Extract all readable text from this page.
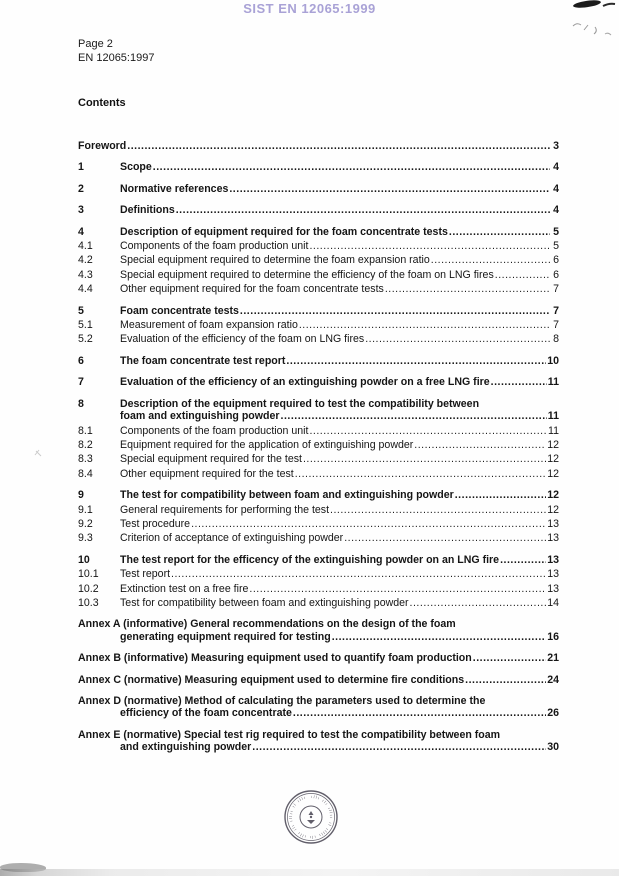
SIST EN 12065:1999
Page 2
EN 12065:1997
Contents
Foreword .....	3
1	Scope .....	4
2	Normative references .....	4
3	Definitions .....	4
4	Description of equipment required for the foam concentrate tests .....	5
4.1	Components of the foam production unit .....	5
4.2	Special equipment required to determine the foam expansion ratio .....	6
4.3	Special equipment required to determine the efficiency of the foam on LNG fires .....	6
4.4	Other equipment required for the foam concentrate tests .....	7
5	Foam concentrate tests .....	7
5.1	Measurement of foam expansion ratio .....	7
5.2	Evaluation of the efficiency of the foam on LNG fires .....	8
6	The foam concentrate test report .....	10
7	Evaluation of the efficiency of an extinguishing powder on a free LNG fire .....	11
8	Description of the equipment required to test the compatibility between
foam and extinguishing powder .....	11
8.1	Components of the foam production unit .....	11
8.2	Equipment required for the application of extinguishing powder .....	12
8.3	Special equipment required for the test .....	12
8.4	Other equipment required for the test .....	12
9	The test for compatibility between foam and extinguishing powder .....	12
9.1	General requirements for performing the test .....	12
9.2	Test procedure .....	13
9.3	Criterion of acceptance of extinguishing powder .....	13
10	The test report for the efficency of the extinguishing powder on an LNG fire .....	13
10.1	Test report .....	13
10.2	Extinction test on a free fire .....	13
10.3	Test for compatibility between foam and extinguishing powder .....	14
Annex A (informative) General recommendations on the design of the foam
generating equipment required for testing .....	16
Annex B (informative) Measuring equipment used to quantify foam production .....	21
Annex C (normative) Measuring equipment used to determine fire conditions .....	24
Annex D (normative) Method of calculating the parameters used to determine the
efficiency of the foam concentrate .....	26
Annex E (normative) Special test rig required to test the compatibility between foam
and extinguishing powder .....	30
ıllı ılı ıllıı ıl ılllı ılı ıllı ılı ıllıı ıl ıllı
